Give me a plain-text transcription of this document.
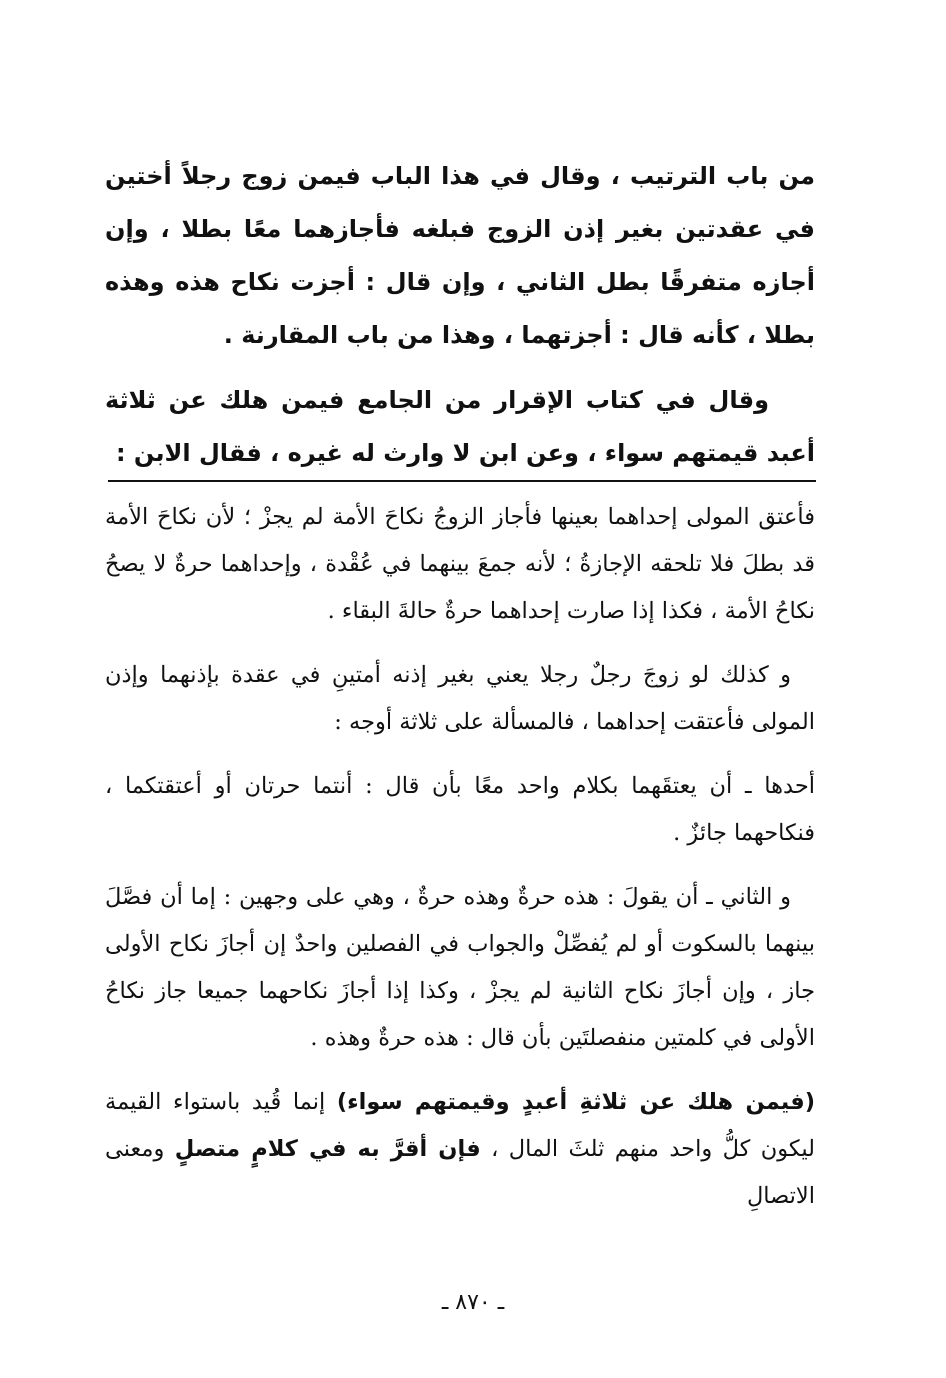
من باب الترتيب ، وقال في هذا الباب فيمن زوج رجلاً أختين في عقدتين بغير إذن الزوج فبلغه فأجازهما معًا بطلا ، وإن أجازه متفرقًا بطل الثاني ، وإن قال : أجزت نكاح هذه وهذه بطلا ، كأنه قال : أجزتهما ، وهذا من باب المقارنة .

وقال في كتاب الإقرار من الجامع فيمن هلك عن ثلاثة أعبد قيمتهم سواء ، وعن ابن لا وارث له غيره ، فقال الابن :

فأعتق المولى إحداهما بعينها فأجاز الزوجُ نكاحَ الأمة لم يجزْ ؛ لأن نكاحَ الأمة قد بطلَ فلا تلحقه الإجازةُ ؛ لأنه جمعَ بينهما في عُقْدة ، وإحداهما حرةٌ لا يصحُ نكاحُ الأمة ، فكذا إذا صارت إحداهما حرةٌ حالةَ البقاء .

و كذلك لو زوجَ رجلٌ رجلا يعني بغير إذنه أمتينِ في عقدة بإذنهما وإذن المولى فأعتقت إحداهما ، فالمسألة على ثلاثة أوجه :

أحدها ـ أن يعتقَهما بكلام واحد معًا بأن قال : أنتما حرتان أو أعتقتكما ، فنكاحهما جائزٌ .

و الثاني ـ أن يقولَ : هذه حرةٌ وهذه حرةٌ ، وهي على وجهين : إما أن فصَّلَ بينهما بالسكوت أو لم يُفصِّلْ والجواب في الفصلين واحدٌ إن أجازَ نكاح الأولى جاز ، وإن أجازَ نكاح الثانية لم يجزْ ، وكذا إذا أجازَ نكاحهما جميعا جاز نكاحُ الأولى في كلمتين منفصلتَين بأن قال : هذه حرةٌ وهذه .

(فيمن هلك عن ثلاثةِ أعبدٍ وقيمتهم سواء) إنما قُيد باستواء القيمة ليكون كلُّ واحد منهم ثلثَ المال ، فإن أقرَّ به في كلامٍ متصلٍ ومعنى الاتصالِ

ـ ٨٧٠ ـ
